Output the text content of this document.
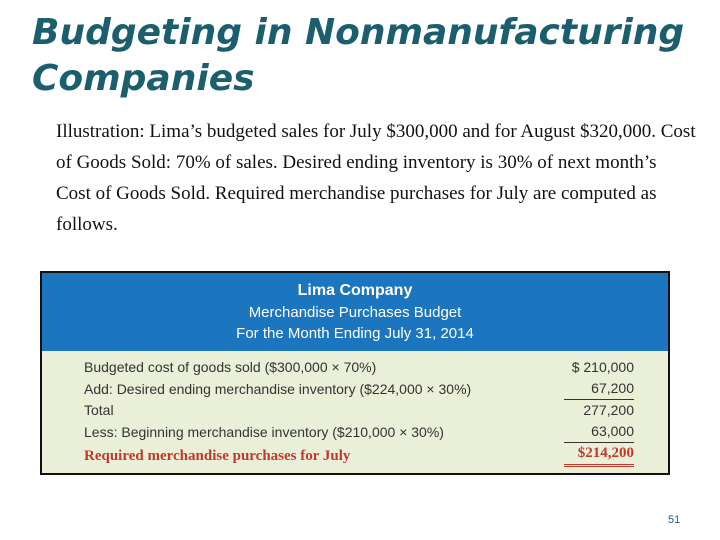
Budgeting in Nonmanufacturing Companies

Illustration: Lima’s budgeted sales for July $300,000 and for August $320,000. Cost of Goods Sold: 70% of sales. Desired ending inventory is 30% of next month’s Cost of Goods Sold. Required merchandise purchases for July are computed as follows.

Lima Company
Merchandise Purchases Budget
For the Month Ending July 31, 2014
Budgeted cost of goods sold ($300,000 × 70%)	$ 210,000
Add: Desired ending merchandise inventory ($224,000 × 30%)	67,200
Total	277,200
Less: Beginning merchandise inventory ($210,000 × 30%)	63,000
Required merchandise purchases for July	$214,200
51
